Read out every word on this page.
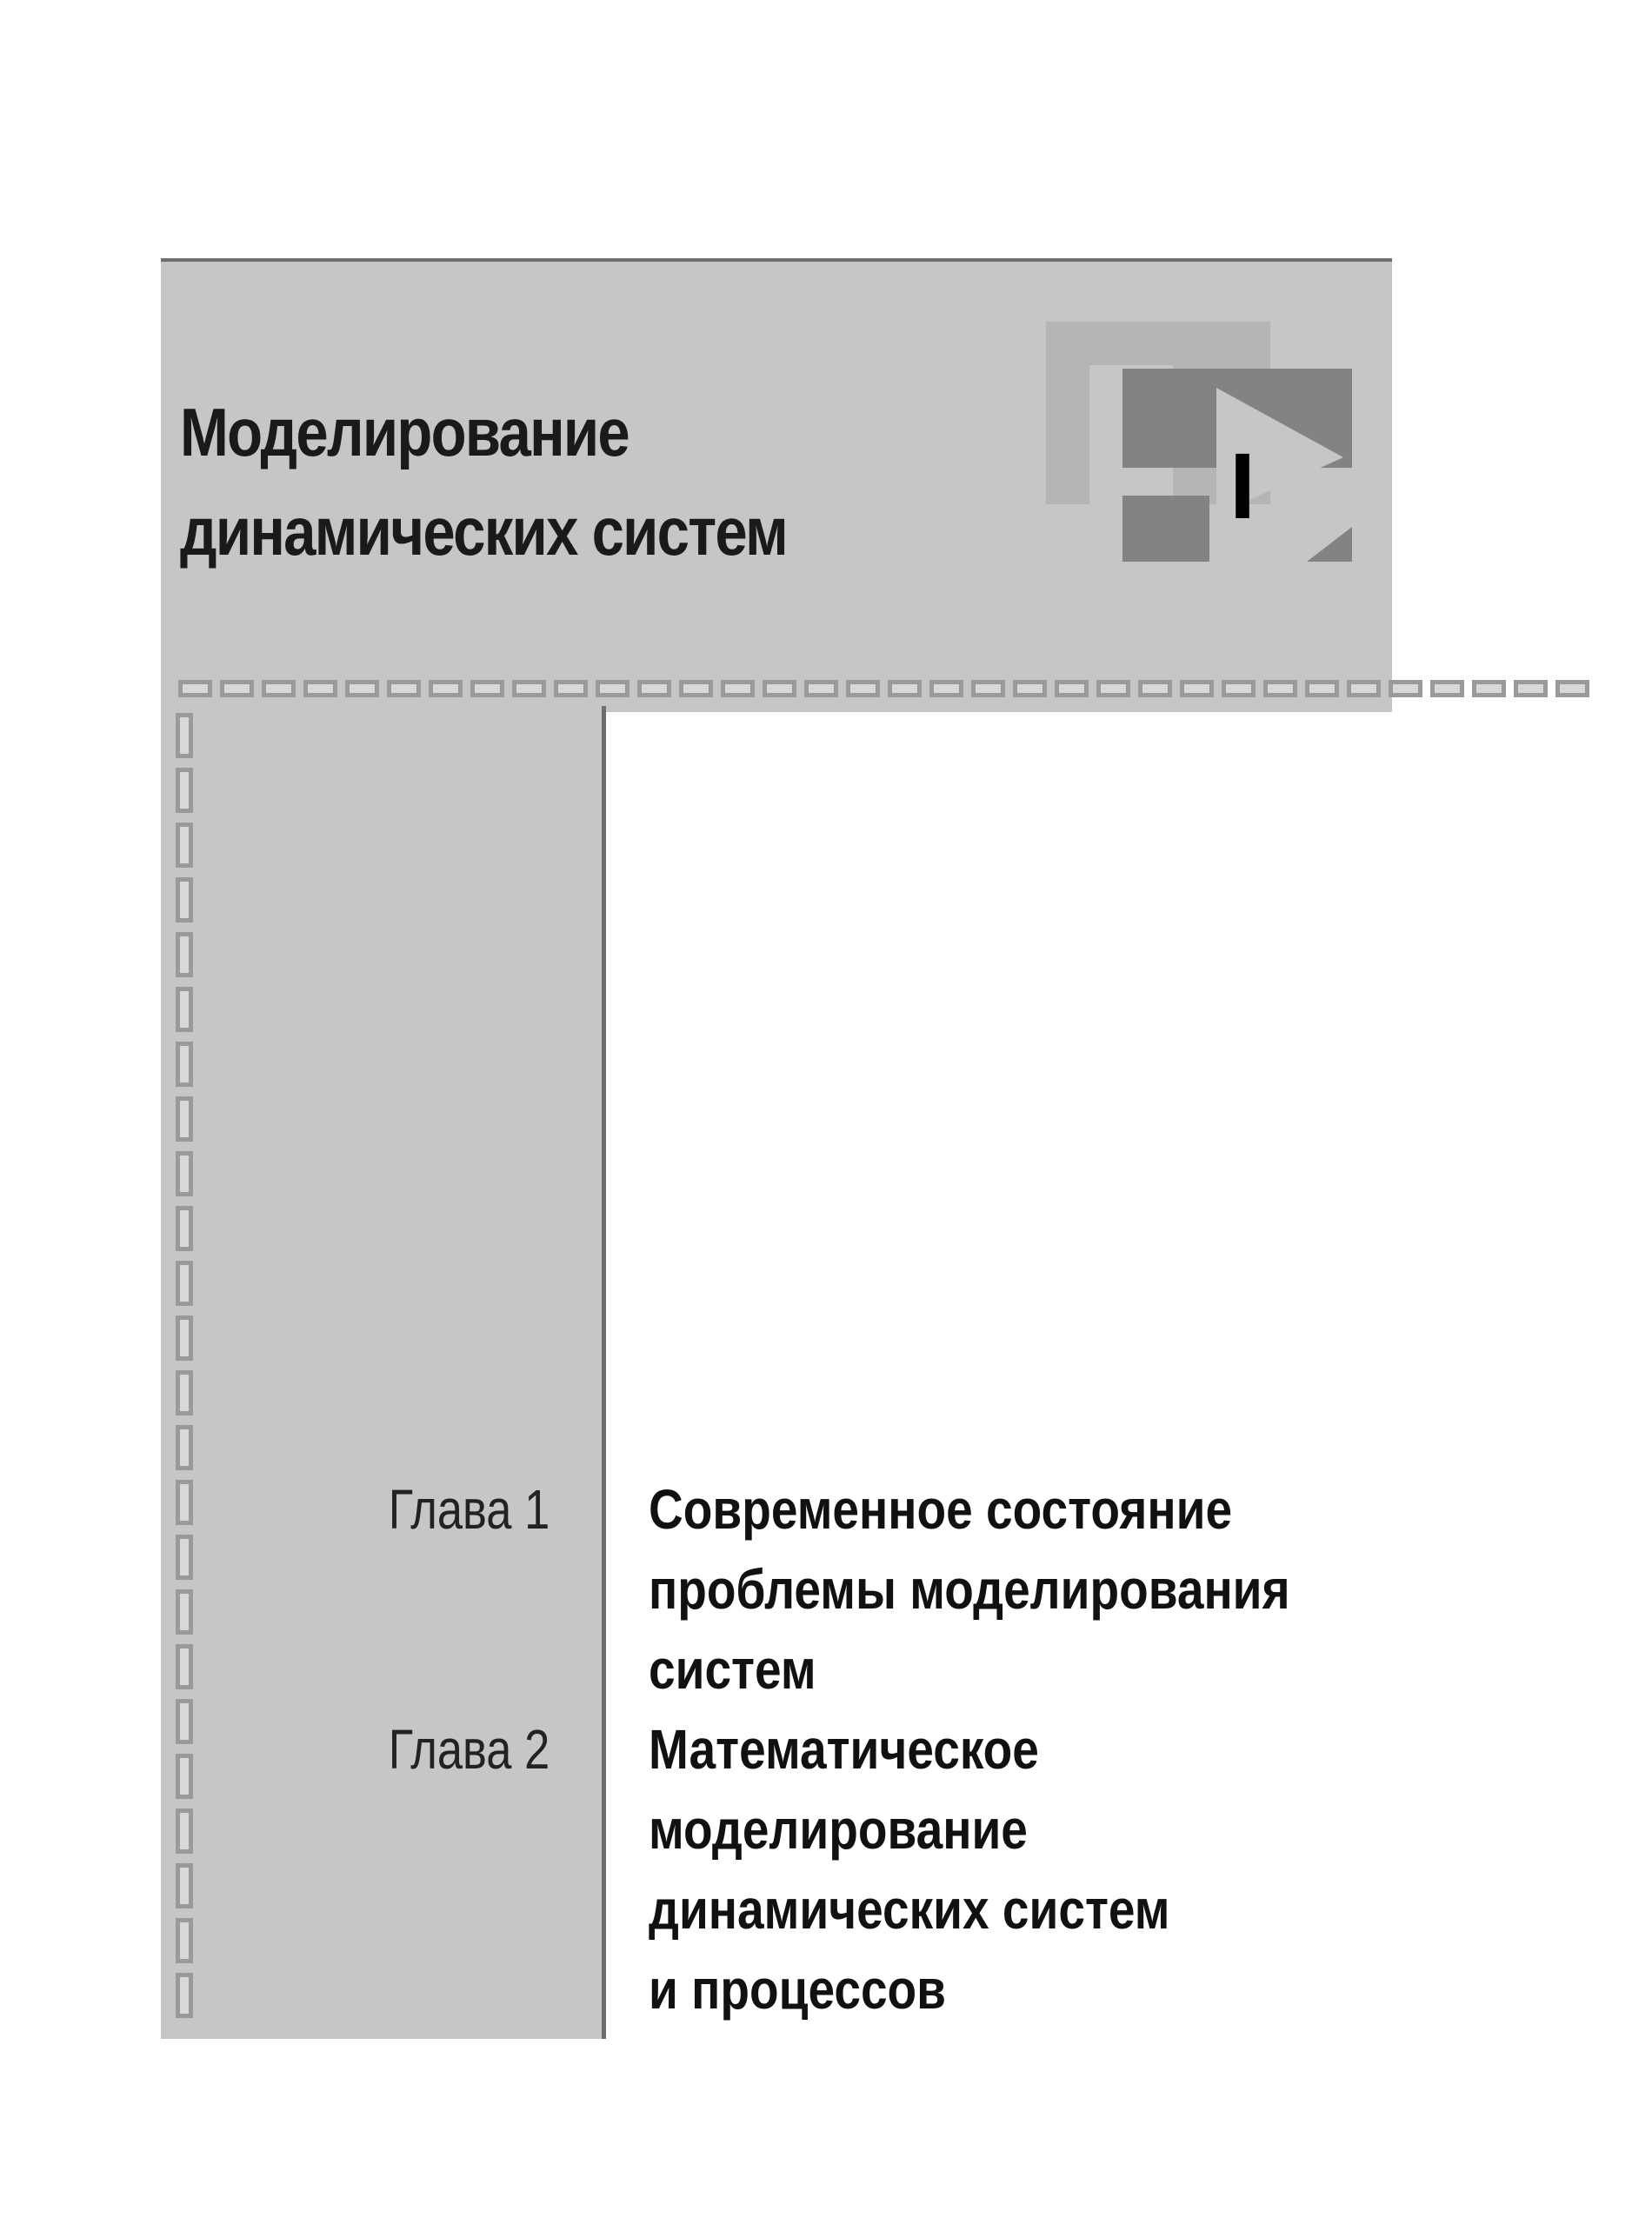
Моделирование
динамических систем	I

Глава 1 Современное состояние
проблемы моделирования
систем

Глава 2 Математическое
моделирование
динамических систем
и процессов
